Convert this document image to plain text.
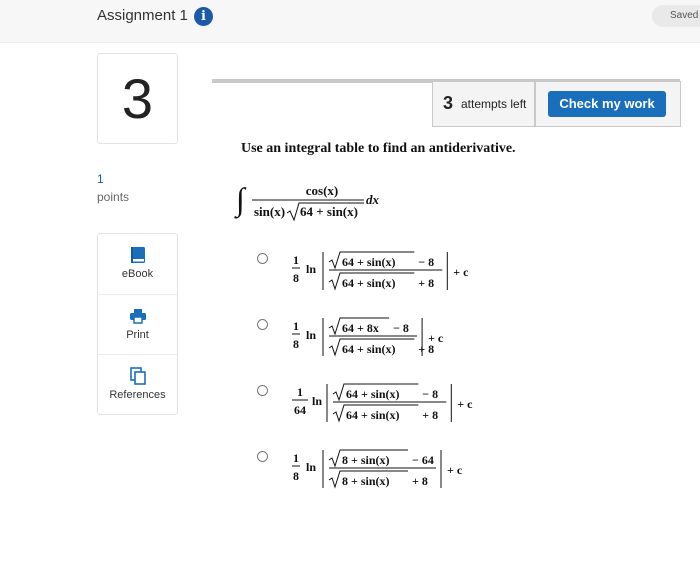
Assignment 1	i	Saved
3
1
points
eBook
Print
References
3 attempts left	Check my work
Use an integral table to find an antiderivative.
∫	cos(x)
sin(x) 64 + sin(x)
dx
1
8
ln 64 + sin(x) − 8
64 + sin(x) + 8
+ c
1
8
ln 64 + 8x − 8
64 + sin(x) + 8
+ c
1
64
ln 64 + sin(x) − 8
64 + sin(x) + 8
+ c
1
8
ln 8 + sin(x) − 64
8 + sin(x) + 8
+ c
